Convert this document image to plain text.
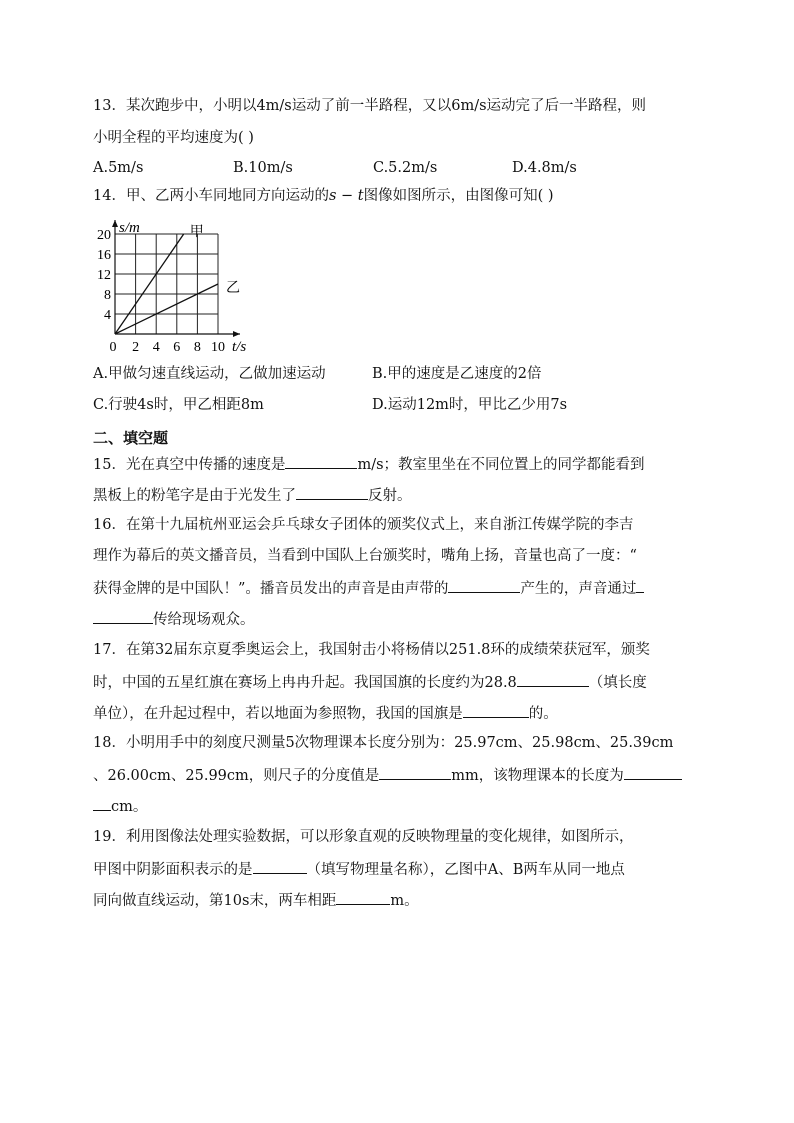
13．某次跑步中，小明以4m/s运动了前一半路程，又以6m/s运动完了后一半路程，则
小明全程的平均速度为( )
A.5m/s	B.10m/s	C.5.2m/s	D.4.8m/s
14．甲、乙两小车同地同方向运动的s − t图像如图所示，由图像可知( )
0 2 4 6 8 10
4
8
12
16
20 s/m
t/s
甲
乙
A.甲做匀速直线运动，乙做加速运动	B.甲的速度是乙速度的2倍
C.行驶4s时，甲乙相距8m	D.运动12m时，甲比乙少用7s
二、填空题
15．光在真空中传播的速度是	m/s；教室里坐在不同位置上的同学都能看到
黑板上的粉笔字是由于光发生了	反射。
16．在第十九届杭州亚运会乒乓球女子团体的颁奖仪式上，来自浙江传媒学院的李吉
理作为幕后的英文播音员，当看到中国队上台颁奖时，嘴角上扬，音量也高了一度：“
获得金牌的是中国队！”。播音员发出的声音是由声带的	产生的，声音通过
传给现场观众。
17．在第32届东京夏季奥运会上，我国射击小将杨倩以251.8环的成绩荣获冠军，颁奖
时，中国的五星红旗在赛场上冉冉升起。我国国旗的长度约为28.8	（填长度
单位），在升起过程中，若以地面为参照物，我国的国旗是	的。
18．小明用手中的刻度尺测量5次物理课本长度分别为：25.97cm、25.98cm、25.39cm
、26.00cm、25.99cm，则尺子的分度值是	mm，该物理课本的长度为
cm。
19．利用图像法处理实验数据，可以形象直观的反映物理量的变化规律，如图所示，
甲图中阴影面积表示的是	（填写物理量名称），乙图中A、B两车从同一地点
同向做直线运动，第10s末，两车相距	m。
